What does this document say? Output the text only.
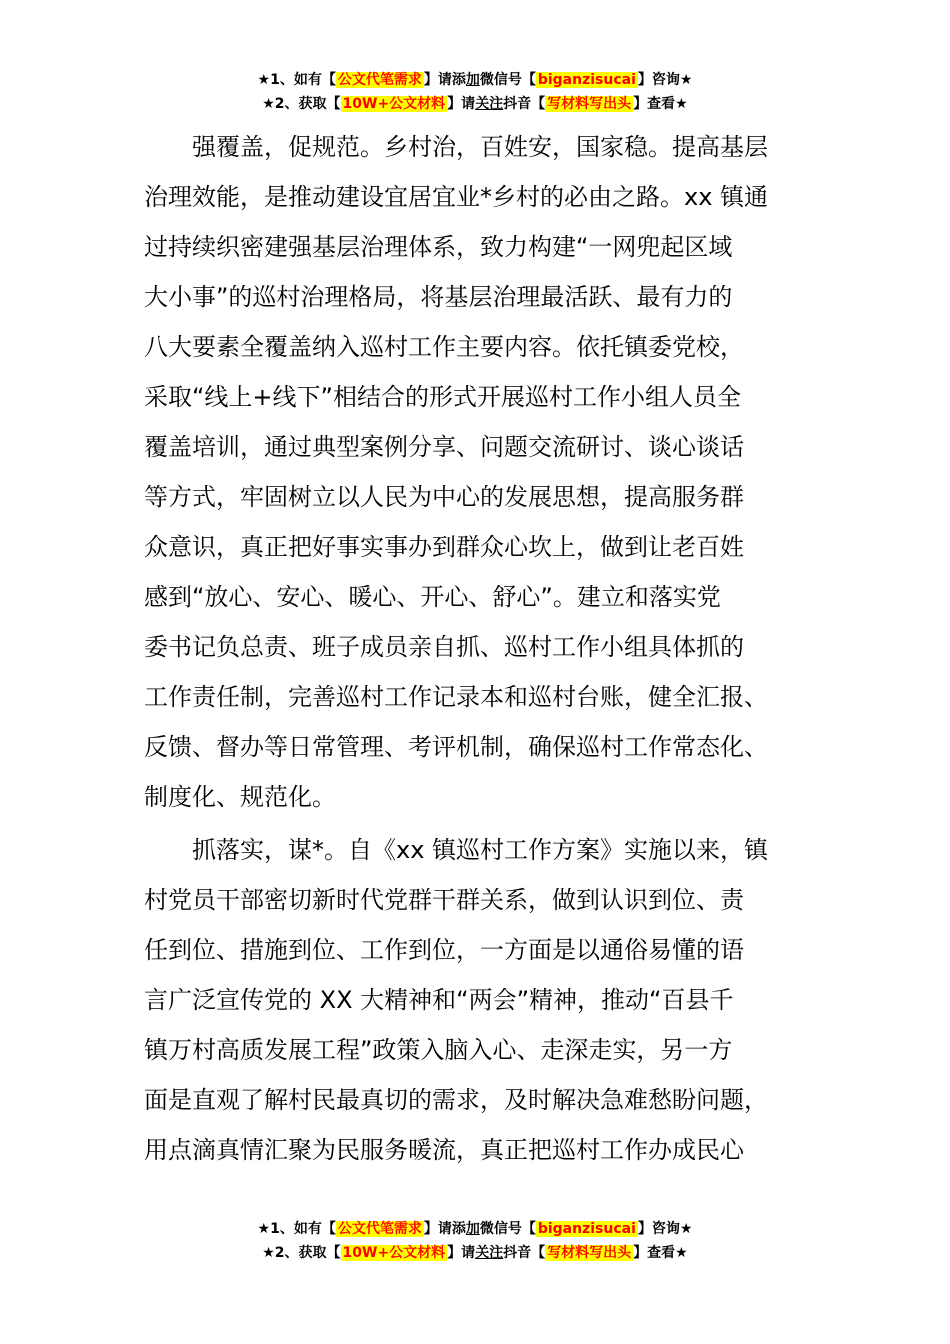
★1、如有【 公文代笔需求 】请添加微信号【 biganzisucai 】咨询★
★2、获取【 10W+公文材料 】请关注抖音【 写材料写出头 】查看★
　　强覆盖，促规范。乡村治，百姓安，国家稳。提高基层
治理效能，是推动建设宜居宜业*乡村的必由之路。xx 镇通
过持续织密建强基层治理体系，致力构建“一网兜起区域
大小事”的巡村治理格局，将基层治理最活跃、最有力的
八大要素全覆盖纳入巡村工作主要内容。依托镇委党校，
采取“线上+线下”相结合的形式开展巡村工作小组人员全
覆盖培训，通过典型案例分享、问题交流研讨、谈心谈话
等方式，牢固树立以人民为中心的发展思想，提高服务群
众意识，真正把好事实事办到群众心坎上，做到让老百姓
感到“放心、安心、暖心、开心、舒心”。建立和落实党
委书记负总责、班子成员亲自抓、巡村工作小组具体抓的
工作责任制，完善巡村工作记录本和巡村台账，健全汇报、
反馈、督办等日常管理、考评机制，确保巡村工作常态化、
制度化、规范化。
　　抓落实，谋*。自《xx 镇巡村工作方案》实施以来，镇
村党员干部密切新时代党群干群关系，做到认识到位、责
任到位、措施到位、工作到位，一方面是以通俗易懂的语
言广泛宣传党的 XX 大精神和“两会”精神，推动“百县千
镇万村高质发展工程”政策入脑入心、走深走实，另一方
面是直观了解村民最真切的需求，及时解决急难愁盼问题，
用点滴真情汇聚为民服务暖流，真正把巡村工作办成民心
★1、如有【 公文代笔需求 】请添加微信号【 biganzisucai 】咨询★
★2、获取【 10W+公文材料 】请关注抖音【 写材料写出头 】查看★
